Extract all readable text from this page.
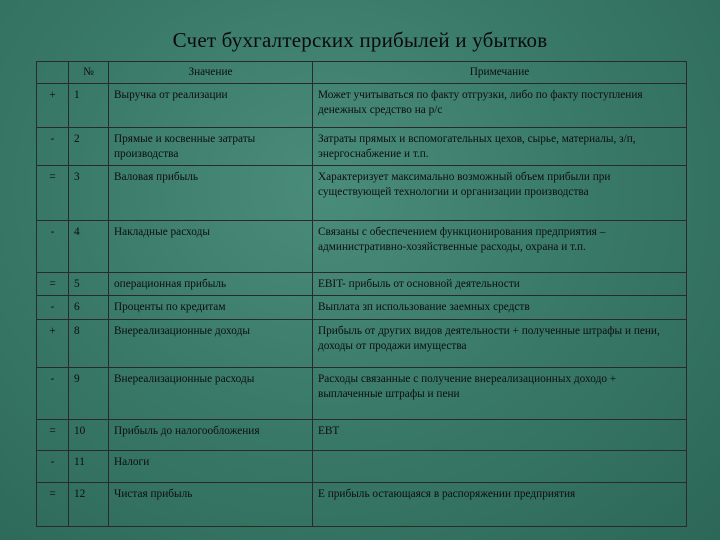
Счет бухгалтерских прибылей и убытков
	№	Значение	Примечание
+	1	Выручка от реализации	Может учитываться по факту отгрузки, либо по факту поступления денежных средство на р/с
-	2	Прямые и косвенные затраты производства	Затраты прямых и вспомогательных цехов, сырье, материалы, з/п, энергоснабжение и т.п.
=	3	Валовая прибыль	Характеризует максимально возможный объем прибыли при существующей технологии и организации производства
-	4	Накладные расходы	Связаны с обеспечением функционирования предприятия – административно-хозяйственные расходы, охрана и т.п.
=	5	операционная прибыль	EBIT- прибыль от основной деятельности
-	6	Проценты по кредитам	Выплата зп использование заемных средств
+	8	Внереализационные доходы	Прибыль от других видов деятельности + полученные штрафы и пени, доходы от продажи имущества
-	9	Внереализационные расходы	Расходы связанные с получение внереализационных доходо + выплаченные штрафы и пени
=	10	Прибыль до налогообложения	EBT
-	11	Налоги	
=	12	Чистая прибыль	E прибыль остающаяся в распоряжении предприятия
